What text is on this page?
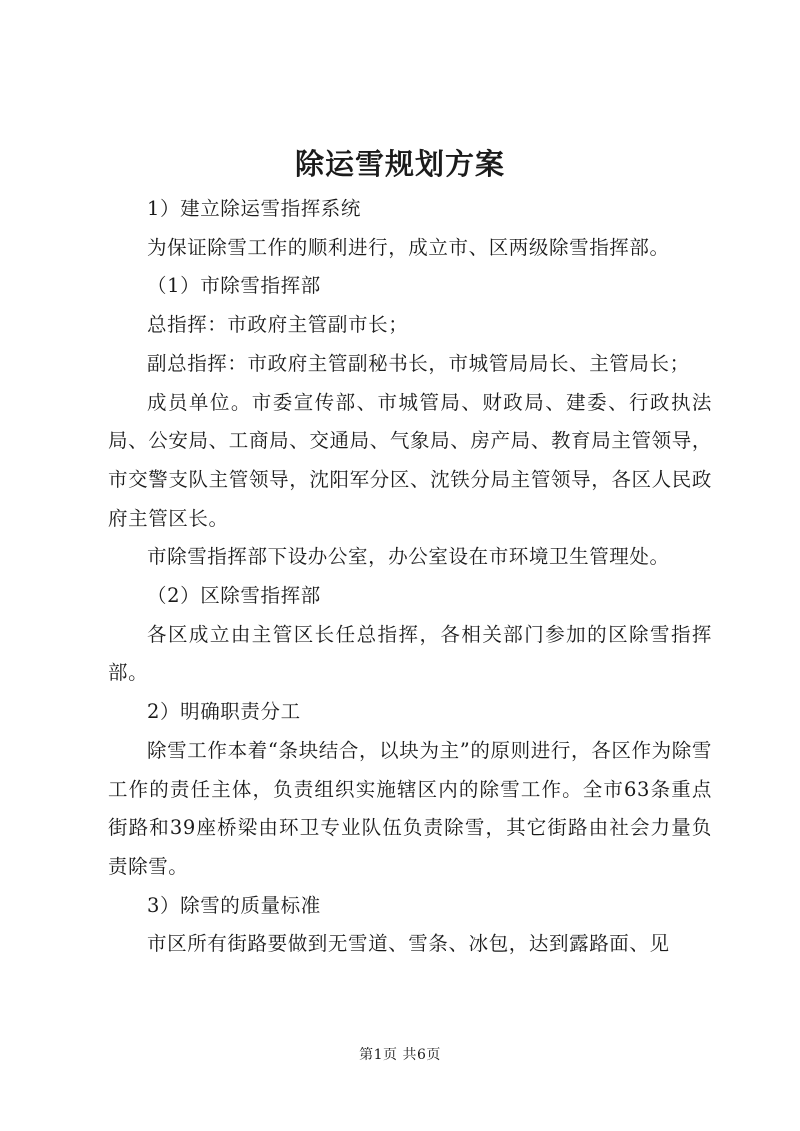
除运雪规划方案

1）建立除运雪指挥系统

为保证除雪工作的顺利进行，成立市、区两级除雪指挥部。

（1）市除雪指挥部

总指挥：市政府主管副市长；

副总指挥：市政府主管副秘书长，市城管局局长、主管局长；

成员单位。市委宣传部、市城管局、财政局、建委、行政执法局、公安局、工商局、交通局、气象局、房产局、教育局主管领导，市交警支队主管领导，沈阳军分区、沈铁分局主管领导，各区人民政府主管区长。

市除雪指挥部下设办公室，办公室设在市环境卫生管理处。

（2）区除雪指挥部

各区成立由主管区长任总指挥，各相关部门参加的区除雪指挥部。

2）明确职责分工

除雪工作本着“条块结合，以块为主”的原则进行，各区作为除雪工作的责任主体，负责组织实施辖区内的除雪工作。全市63条重点街路和39座桥梁由环卫专业队伍负责除雪，其它街路由社会力量负责除雪。

3）除雪的质量标准

市区所有街路要做到无雪道、雪条、冰包，达到露路面、见

第1页 共6页
